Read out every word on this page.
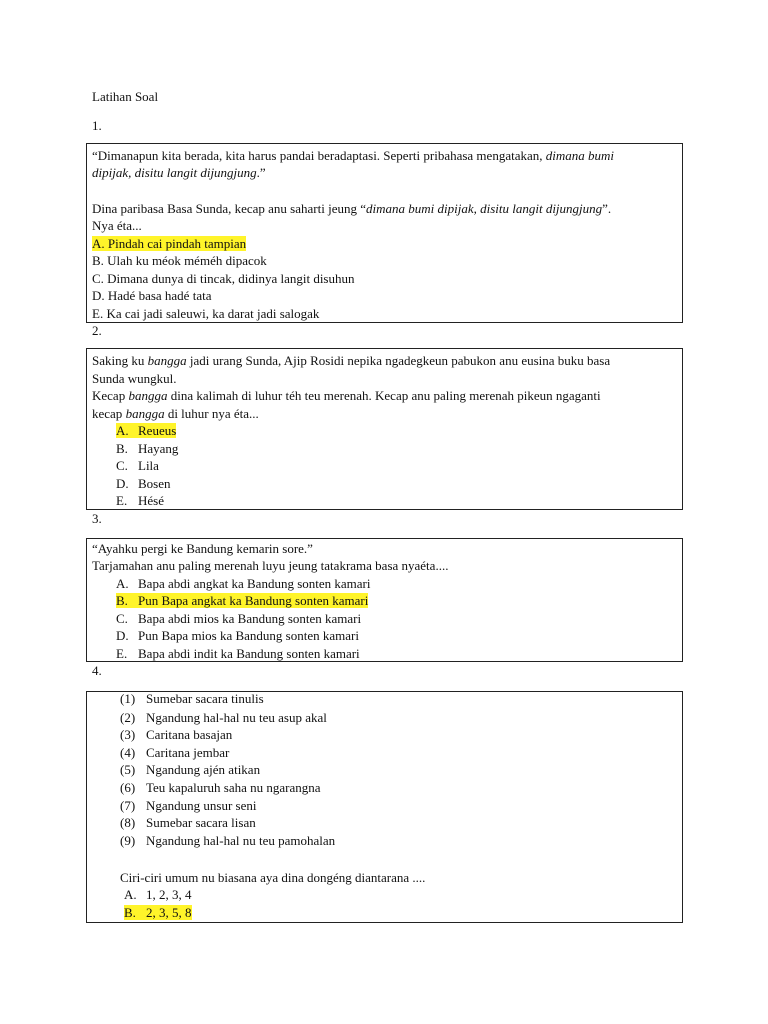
Latihan Soal
1.
“Dimanapun kita berada, kita harus pandai beradaptasi. Seperti pribahasa mengatakan, dimana bumi
dipijak, disitu langit dijungjung.”
Dina paribasa Basa Sunda, kecap anu saharti jeung “dimana bumi dipijak, disitu langit dijungjung”.
Nya éta...
A. Pindah cai pindah tampian
B. Ulah ku méok méméh dipacok
C. Dimana dunya di tincak, didinya langit disuhun
D. Hadé basa hadé tata
E. Ka cai jadi saleuwi, ka darat jadi salogak
2.
Saking ku bangga jadi urang Sunda, Ajip Rosidi nepika ngadegkeun pabukon anu eusina buku basa
Sunda wungkul.
Kecap bangga dina kalimah di luhur téh teu merenah. Kecap anu paling merenah pikeun ngaganti
kecap bangga di luhur nya éta...
A. Reueus
B. Hayang
C. Lila
D. Bosen
E. Hésé
3.
“Ayahku pergi ke Bandung kemarin sore.”
Tarjamahan anu paling merenah luyu jeung tatakrama basa nyaéta....
A. Bapa abdi angkat ka Bandung sonten kamari
B. Pun Bapa angkat ka Bandung sonten kamari
C. Bapa abdi mios ka Bandung sonten kamari
D. Pun Bapa mios ka Bandung sonten kamari
E. Bapa abdi indit ka Bandung sonten kamari
4.
(1) Sumebar sacara tinulis
(2) Ngandung hal-hal nu teu asup akal
(3) Caritana basajan
(4) Caritana jembar
(5) Ngandung ajén atikan
(6) Teu kapaluruh saha nu ngarangna
(7) Ngandung unsur seni
(8) Sumebar sacara lisan
(9) Ngandung hal-hal nu teu pamohalan
Ciri-ciri umum nu biasana aya dina dongéng diantarana ....
A. 1, 2, 3, 4
B. 2, 3, 5, 8
